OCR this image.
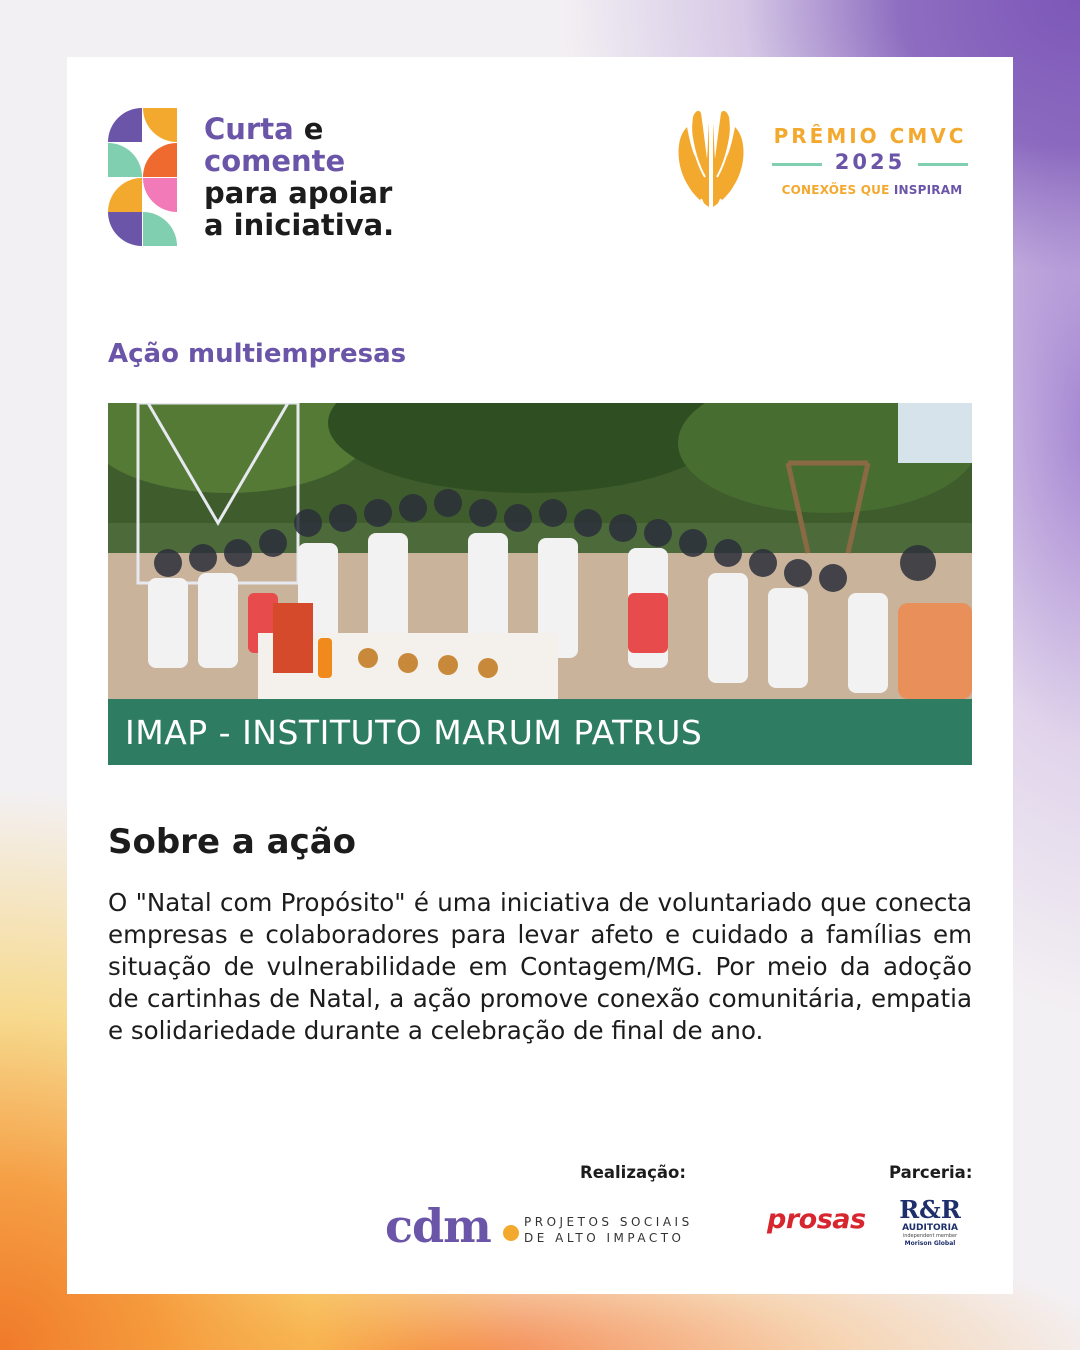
Curta e
comente
para apoiar
a iniciativa.
PRÊMIO CMVC
2025
CONEXÕES QUE INSPIRAM
Ação multiempresas
IMAP - INSTITUTO MARUM PATRUS
Sobre a ação
O "Natal com Propósito" é uma iniciativa de voluntariado que conecta empresas e colaboradores para levar afeto e cuidado a famílias em situação de vulnerabilidade em Contagem/MG. Por meio da adoção de cartinhas de Natal, a ação promove conexão comunitária, empatia e solidariedade durante a celebração de final de ano.
Realização:	Parceria:
cdm	PROJETOS SOCIAIS
DE ALTO IMPACTO
prosas R&R
AUDITORIA
independent member
Morison Global
